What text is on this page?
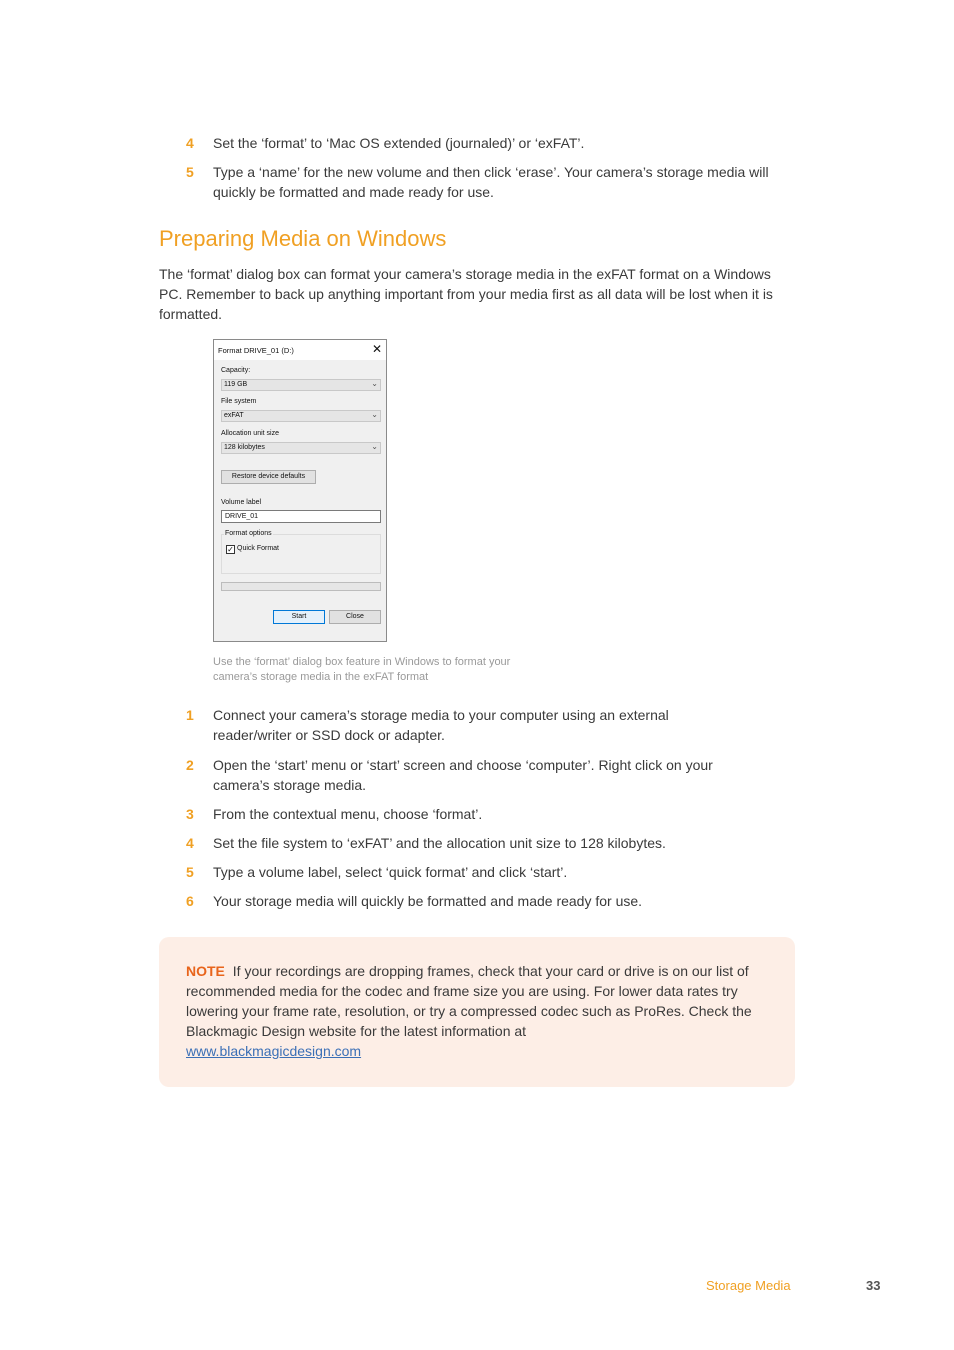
4	Set the ‘format’ to ‘Mac OS extended (journaled)’ or ‘exFAT’.
5	Type a ‘name’ for the new volume and then click ‘erase’. Your camera’s storage media will quickly be formatted and made ready for use.
Preparing Media on Windows
The ‘format’ dialog box can format your camera’s storage media in the exFAT format on a Windows PC. Remember to back up anything important from your media first as all data will be lost when it is formatted.
Format DRIVE_01 (D:)	✕
Capacity:
119 GB	⌄
File system
exFAT	⌄
Allocation unit size
128 kilobytes	⌄
Restore device defaults
Volume label
DRIVE_01
Format options
✓ Quick Format
Start	Close
Use the ‘format’ dialog box feature in Windows to format your camera’s storage media in the exFAT format
1	Connect your camera’s storage media to your computer using an external reader/writer or SSD dock or adapter.
2	Open the ‘start’ menu or ‘start’ screen and choose ‘computer’. Right click on your camera’s storage media.
3	From the contextual menu, choose ‘format’.
4	Set the file system to ‘exFAT’ and the allocation unit size to 128 kilobytes.
5	Type a volume label, select ‘quick format’ and click ‘start’.
6	Your storage media will quickly be formatted and made ready for use.
NOTE If your recordings are dropping frames, check that your card or drive is on our list of recommended media for the codec and frame size you are using. For lower data rates try lowering your frame rate, resolution, or try a compressed codec such as ProRes. Check the Blackmagic Design website for the latest information at
www.blackmagicdesign.com
Storage Media	33
